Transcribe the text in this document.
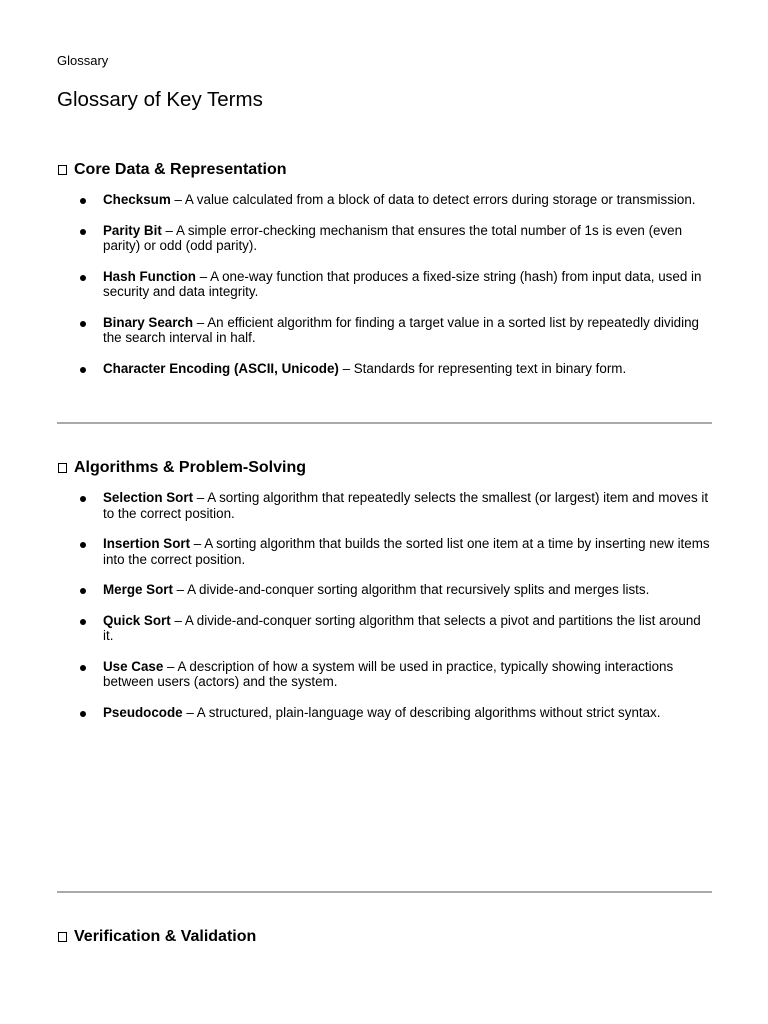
Glossary
Glossary of Key Terms
Core Data & Representation
Checksum – A value calculated from a block of data to detect errors during storage or transmission.
Parity Bit – A simple error-checking mechanism that ensures the total number of 1s is even (even parity) or odd (odd parity).
Hash Function – A one-way function that produces a fixed-size string (hash) from input data, used in security and data integrity.
Binary Search – An efficient algorithm for finding a target value in a sorted list by repeatedly dividing the search interval in half.
Character Encoding (ASCII, Unicode) – Standards for representing text in binary form.
Algorithms & Problem-Solving
Selection Sort – A sorting algorithm that repeatedly selects the smallest (or largest) item and moves it to the correct position.
Insertion Sort – A sorting algorithm that builds the sorted list one item at a time by inserting new items into the correct position.
Merge Sort – A divide-and-conquer sorting algorithm that recursively splits and merges lists.
Quick Sort – A divide-and-conquer sorting algorithm that selects a pivot and partitions the list around it.
Use Case – A description of how a system will be used in practice, typically showing interactions between users (actors) and the system.
Pseudocode – A structured, plain-language way of describing algorithms without strict syntax.
Verification & Validation
